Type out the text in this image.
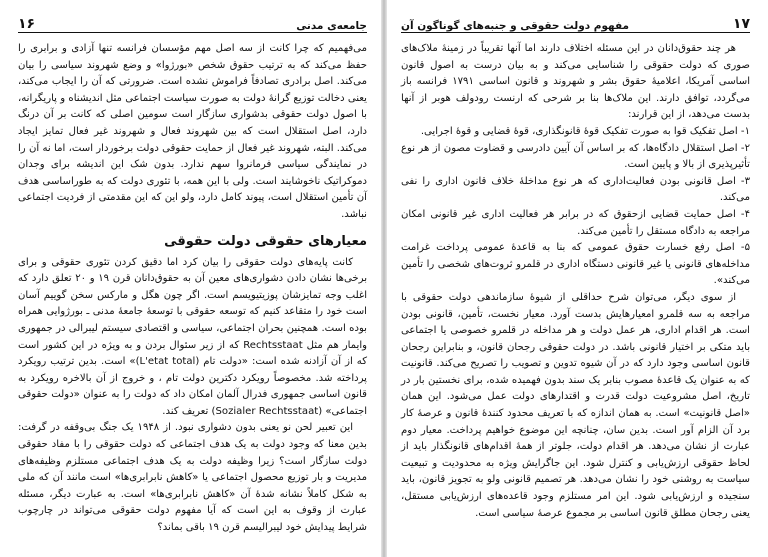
جامعه‌ی مدنی
۱۶

می‌فهمیم که چرا کانت از سه اصل مهم مؤسسان فرانسه تنها آزادی و برابری را حفظ می‌کند که به ترتیب حقوق شخص «بورژوا» و وضع شهروند سیاسی را بیان می‌کند. اصل برادری تصادفاً فراموش نشده است. ضرورتی که آن را ایجاب می‌کند، یعنی دخالت توزیع گرانهٔ دولت به صورت سیاست اجتماعی مثل اندیشناه و پاریگرانه، با اصول دولت حقوقی بدشواری سازگار است سومین اصلی که کانت بر آن درنگ دارد، اصل استقلال است که بین شهروند فعال و شهروند غیر فعال تمایز ایجاد می‌کند. البته، شهروند غیر فعال از حمایت حقوقی دولت برخوردار است، اما نه آن را در نمایندگی سیاسی فرمانروا سهم ندارد. بدون شک این اندیشه برای وجدان دموکراتیک ناخوشایند است. ولی با این همه، با تئوری دولت که به طوراساسی هدف آن تأمین استقلال است، پیوند کامل دارد، ولو این که این مقدمتی از فردیت اجتماعی نباشد.

معیارهای حقوقی دولت حقوقی

کانت پایه‌های دولت حقوقی را بیان کرد اما دقیق کردن تئوری حقوقی و برای برخی‌ها نشان دادن دشواری‌های معین آن به حقوق‌دانان قرن ۱۹ و ۲۰ تعلق دارد که اغلب وجه تمایزشان پوزیتیویسم است. اگر چون هگل و مارکس سخن گوییم آسان است خود را متقاعد کنیم که توسعه حقوقی با توسعهٔ جامعهٔ مدنی ـ بورژوایی همراه بوده است. همچنین بحران اجتماعی، سیاسی و اقتصادی سیستم لیبرالی در جمهوری وایمار هم مثل Rechtsstaat که از زیر سئوال بردن و به ویژه در این کشور است که از آن آزادنه شده است: «دولت تام (L'etat total)» است. بدین ترتیب رویکرد پرداخته شد. مخصوصاً رویکرد دکترین دولت تام ، و خروج از آن بالاخره رویکرد به قانون اساسی جمهوری فدرال آلمان امکان داد که دولت را به عنوان «دولت حقوقی اجتماعی» (Sozialer Rechtsstaat) تعریف کند.

این تعبیر لحن نو یعنی بدون دشواری نبود. از ۱۹۴۸ یک جنگ بی‌وقفه در گرفت: بدین معنا که وجود دولت به یک هدف اجتماعی که دولت حقوقی را با مفاد حقوقی دولت سازگار است؟ زیرا وظیفه دولت به یک هدف اجتماعی مستلزم وظیفه‌های مدیریت و بار توزیع محصول اجتماعی یا «کاهش نابرابری‌ها» است مانند آن که ملی به شکل کاملاً نشانه شدهٔ آن «کاهش نابرابری‌ها» است. به عبارت دیگر، مسئله عبارت از وقوف به این است که آیا مفهوم دولت حقوقی می‌تواند در چارچوب شرایط پیدایش خود لیبرالیسم قرن ۱۹ باقی بماند؟

۱۷
مفهوم دولت حقوقی و جنبه‌های گوناگون آن

هر چند حقوق‌دانان در این مسئله اختلاف دارند اما آنها تقریباً در زمینهٔ ملاک‌های صوری که دولت حقوقی را شناسایی می‌کند و به بیان درست به اصول قانون اساسی آمریکا، اعلامیهٔ حقوق بشر و شهروند و قانون اساسی ۱۷۹۱ فرانسه باز می‌گردد، توافق دارند. این ملاک‌ها بنا بر شرحی که ارنست رودولف هوبر از آنها بدست می‌دهد، از این قرارند:

۱- اصل تفکیک قوا به صورت تفکیک قوهٔ قانونگذاری، قوهٔ قضایی و قوهٔ اجرایی.

۲- اصل استقلال دادگاه‌ها، که بر اساس آن آیین دادرسی و قضاوت مصون از هر نوع تأثیرپذیری از بالا و پایین است.

۳- اصل قانونی بودن فعالیت‌اداری که هر نوع مداخلهٔ خلاف قانون اداری را نفی می‌کند.

۴- اصل حمایت قضایی ازحقوق که در برابر هر فعالیت اداری غیر قانونی امکان مراجعه به دادگاه مستقل را تأمین می‌کند.

۵- اصل رفع خسارت حقوق عمومی که بنا به قاعدهٔ عمومی پرداخت غرامت مداخله‌های قانونی یا غیر قانونی دستگاه اداری در قلمرو ثروت‌های شخصی را تأمین می‌کند».

از سوی دیگر، می‌توان شرح حداقلی از شیوهٔ سازماندهی دولت حقوقی با مراجعه به سه قلمرو امعیارهایش بدست آورد. معیار نخست، تأمین، قانونی بودن است. هر اقدام اداری، هر عمل دولت و هر مداخله در قلمرو خصوصی یا اجتماعی باید متکی بر اختیار قانونی باشد. در دولت حقوقی رجحان قانون، و بنابراین رجحان قانون اساسی وجود دارد که در آن شیوه تدوین و تصویب را تصریح می‌کند. قانونیت که به عنوان یک قاعدهٔ مصوب بنابر یک سند بدون فهمیده شده، برای نخستین بار در تاریخ، اصل مشروعیت دولت قدرت و اقتدارهای دولت عمل می‌شود. این همان «اصل قانونیت» است. به همان اندازه که با تعریف محدود کنندهٔ قانون و عرصهٔ کار برد آن الزام آور است. بدین سان، چنانچه این موضوع خواهیم پرداخت. معیار دوم عبارت از نشان می‌دهد. هر اقدام دولت، جلوتر از همهٔ اقدام‌های قانونگذار باید از لحاظ حقوقی ارزش‌یابی و کنترل شود. این جاگرایش ویژه به محدودیت و تبیعیت سیاست به روشنی خود را نشان می‌دهد. هر تصمیم قانونی ولو به تجویز قانون، باید سنجیده و ارزش‌یابی شود. این امر مستلزم وجود قاعده‌های ارزش‌یابی مستقل، یعنی رجحان مطلق قانون اساسی بر مجموع عرصهٔ سیاسی است.
